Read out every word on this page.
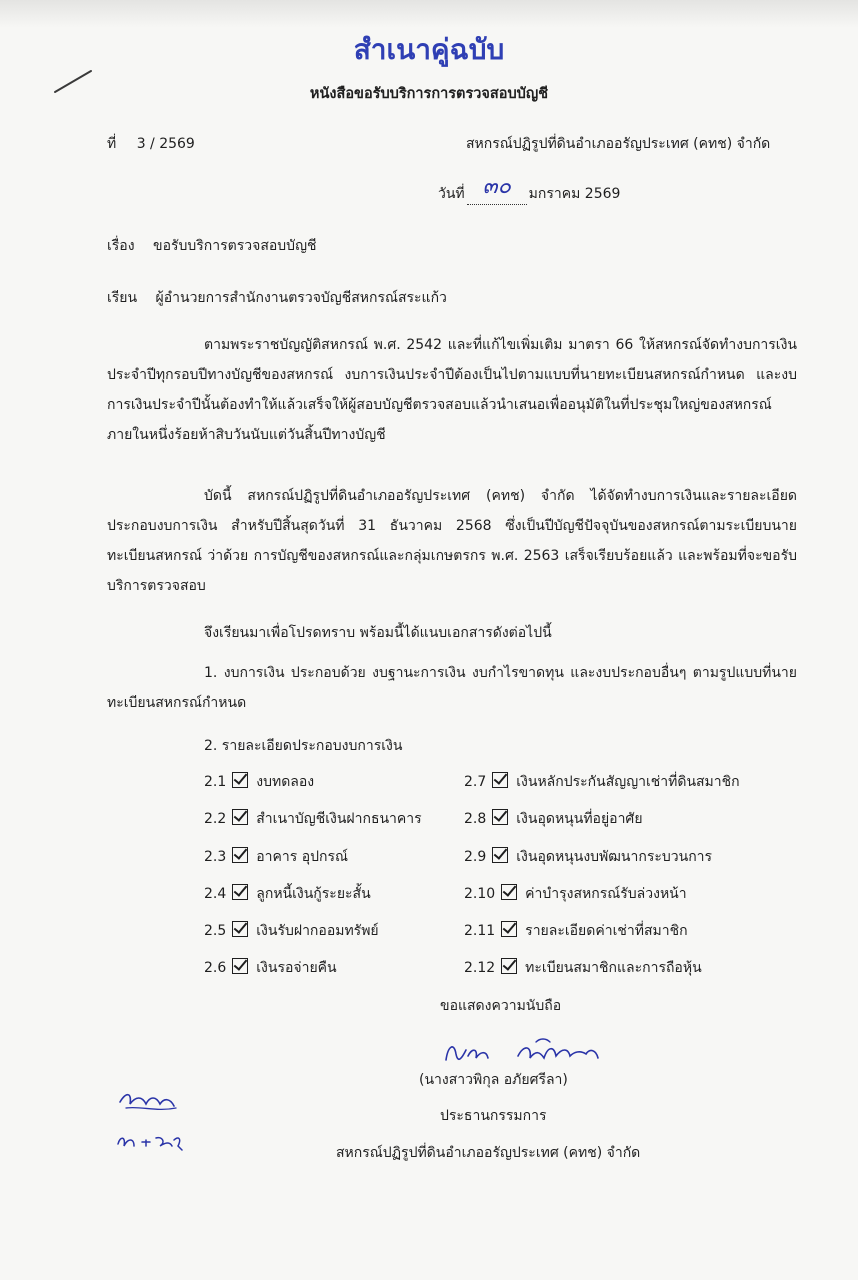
สำเนาคู่ฉบับ
หนังสือขอรับบริการการตรวจสอบบัญชี
ที่ 3 / 2569	สหกรณ์ปฏิรูปที่ดินอำเภออรัญประเทศ (คทช) จำกัด
วันที่ ๓๐	มกราคม 2569
เรื่อง ขอรับบริการตรวจสอบบัญชี
เรียน ผู้อำนวยการสำนักงานตรวจบัญชีสหกรณ์สระแก้ว

ตามพระราชบัญญัติสหกรณ์ พ.ศ. 2542 และที่แก้ไขเพิ่มเติม มาตรา 66 ให้สหกรณ์จัดทำงบการเงินประจำปีทุกรอบปีทางบัญชีของสหกรณ์ งบการเงินประจำปีต้องเป็นไปตามแบบที่นายทะเบียนสหกรณ์กำหนด และงบการเงินประจำปีนั้นต้องทำให้แล้วเสร็จให้ผู้สอบบัญชีตรวจสอบแล้วนำเสนอเพื่ออนุมัติในที่ประชุมใหญ่ของสหกรณ์ภายในหนึ่งร้อยห้าสิบวันนับแต่วันสิ้นปีทางบัญชี

บัดนี้ สหกรณ์ปฏิรูปที่ดินอำเภออรัญประเทศ (คทช) จำกัด ได้จัดทำงบการเงินและรายละเอียดประกอบงบการเงิน สำหรับปีสิ้นสุดวันที่ 31 ธันวาคม 2568 ซึ่งเป็นปีบัญชีปัจจุบันของสหกรณ์ตามระเบียบนายทะเบียนสหกรณ์ ว่าด้วย การบัญชีของสหกรณ์และกลุ่มเกษตรกร พ.ศ. 2563 เสร็จเรียบร้อยแล้ว และพร้อมที่จะขอรับบริการตรวจสอบ

จึงเรียนมาเพื่อโปรดทราบ พร้อมนี้ได้แนบเอกสารดังต่อไปนี้

1. งบการเงิน ประกอบด้วย งบฐานะการเงิน งบกำไรขาดทุน และงบประกอบอื่นๆ ตามรูปแบบที่นายทะเบียนสหกรณ์กำหนด

2. รายละเอียดประกอบงบการเงิน
2.1 งบทดลอง
2.2 สำเนาบัญชีเงินฝากธนาคาร
2.3 อาคาร อุปกรณ์
2.4 ลูกหนี้เงินกู้ระยะสั้น
2.5 เงินรับฝากออมทรัพย์
2.6 เงินรอจ่ายคืน
2.7 เงินหลักประกันสัญญาเช่าที่ดินสมาชิก
2.8 เงินอุดหนุนที่อยู่อาศัย
2.9 เงินอุดหนุนงบพัฒนากระบวนการ
2.10 ค่าบำรุงสหกรณ์รับล่วงหน้า
2.11 รายละเอียดค่าเช่าที่สมาชิก
2.12 ทะเบียนสมาชิกและการถือหุ้น
ขอแสดงความนับถือ
(นางสาวพิกุล อภัยศรีลา)
ประธานกรรมการ
สหกรณ์ปฏิรูปที่ดินอำเภออรัญประเทศ (คทช) จำกัด
